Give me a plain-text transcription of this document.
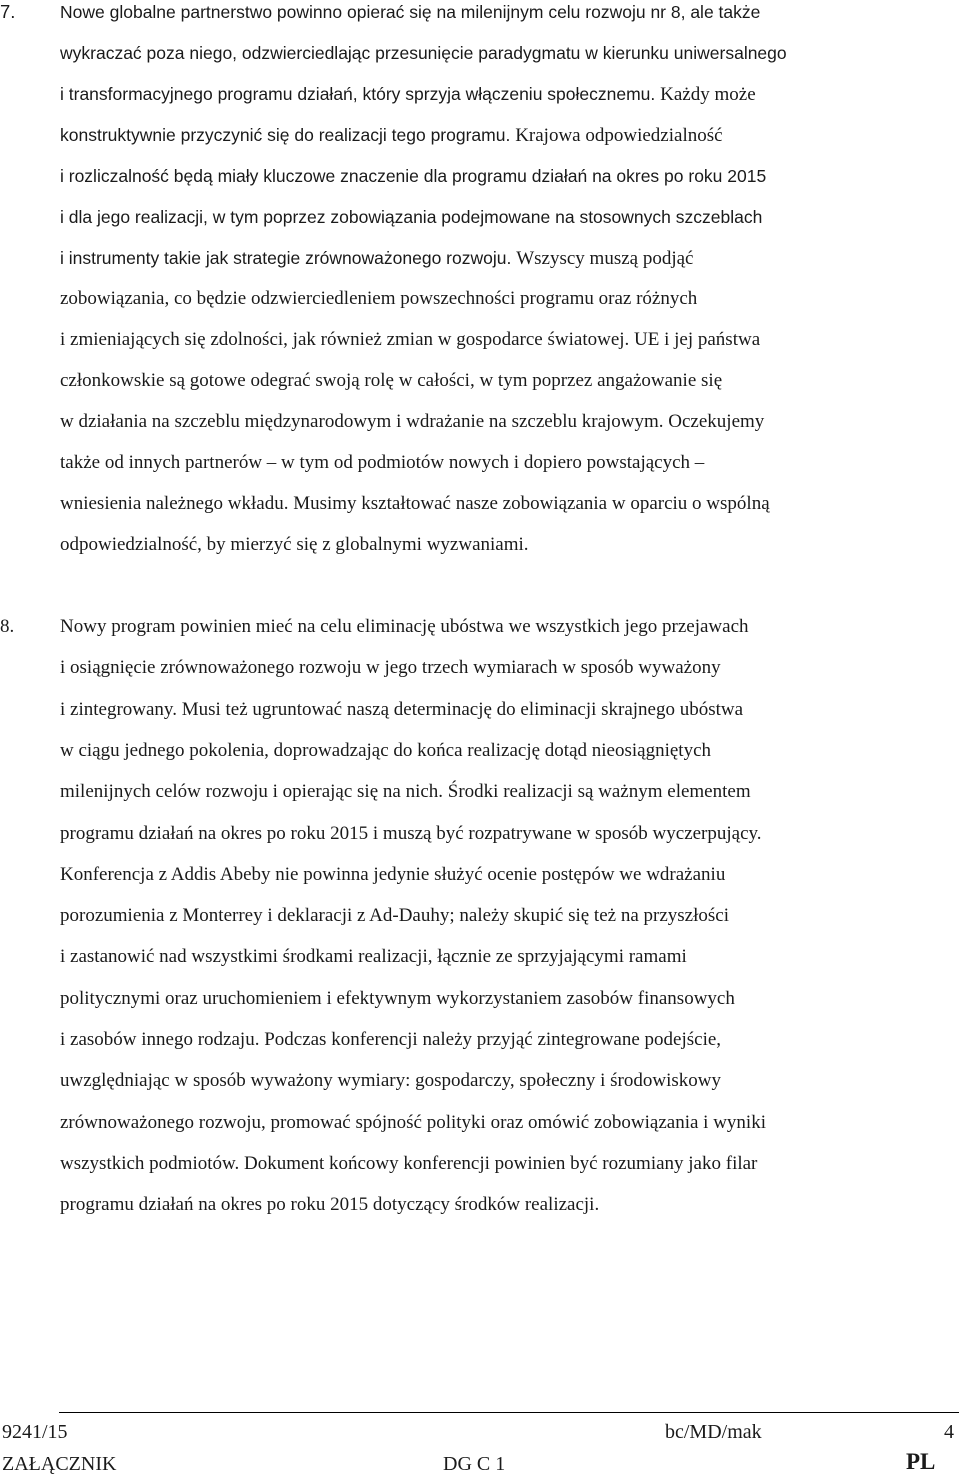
7.	Nowe globalne partnerstwo powinno opierać się na milenijnym celu rozwoju nr 8, ale także
wykraczać poza niego, odzwierciedlając przesunięcie paradygmatu w kierunku uniwersalnego
i transformacyjnego programu działań, który sprzyja włączeniu społecznemu. Każdy może
konstruktywnie przyczynić się do realizacji tego programu. Krajowa odpowiedzialność
i rozliczalność będą miały kluczowe znaczenie dla programu działań na okres po roku 2015
i dla jego realizacji, w tym poprzez zobowiązania podejmowane na stosownych szczeblach
i instrumenty takie jak strategie zrównoważonego rozwoju. Wszyscy muszą podjąć
zobowiązania, co będzie odzwierciedleniem powszechności programu oraz różnych
i zmieniających się zdolności, jak również zmian w gospodarce światowej. UE i jej państwa
członkowskie są gotowe odegrać swoją rolę w całości, w tym poprzez angażowanie się
w działania na szczeblu międzynarodowym i wdrażanie na szczeblu krajowym. Oczekujemy
także od innych partnerów – w tym od podmiotów nowych i dopiero powstających –
wniesienia należnego wkładu. Musimy kształtować nasze zobowiązania w oparciu o wspólną
odpowiedzialność, by mierzyć się z globalnymi wyzwaniami.
8. Nowy program powinien mieć na celu eliminację ubóstwa we wszystkich jego przejawach
i osiągnięcie zrównoważonego rozwoju w jego trzech wymiarach w sposób wyważony
i zintegrowany. Musi też ugruntować naszą determinację do eliminacji skrajnego ubóstwa
w ciągu jednego pokolenia, doprowadzając do końca realizację dotąd nieosiągniętych
milenijnych celów rozwoju i opierając się na nich. Środki realizacji są ważnym elementem
programu działań na okres po roku 2015 i muszą być rozpatrywane w sposób wyczerpujący.
Konferencja z Addis Abeby nie powinna jedynie służyć ocenie postępów we wdrażaniu
porozumienia z Monterrey i deklaracji z Ad-Dauhy; należy skupić się też na przyszłości
i zastanowić nad wszystkimi środkami realizacji, łącznie ze sprzyjającymi ramami
politycznymi oraz uruchomieniem i efektywnym wykorzystaniem zasobów finansowych
i zasobów innego rodzaju. Podczas konferencji należy przyjąć zintegrowane podejście,
uwzględniając w sposób wyważony wymiary: gospodarczy, społeczny i środowiskowy
zrównoważonego rozwoju, promować spójność polityki oraz omówić zobowiązania i wyniki
wszystkich podmiotów. Dokument końcowy konferencji powinien być rozumiany jako filar
programu działań na okres po roku 2015 dotyczący środków realizacji.
9241/15	bc/MD/mak	4
ZAŁĄCZNIK	DG C 1	PL
